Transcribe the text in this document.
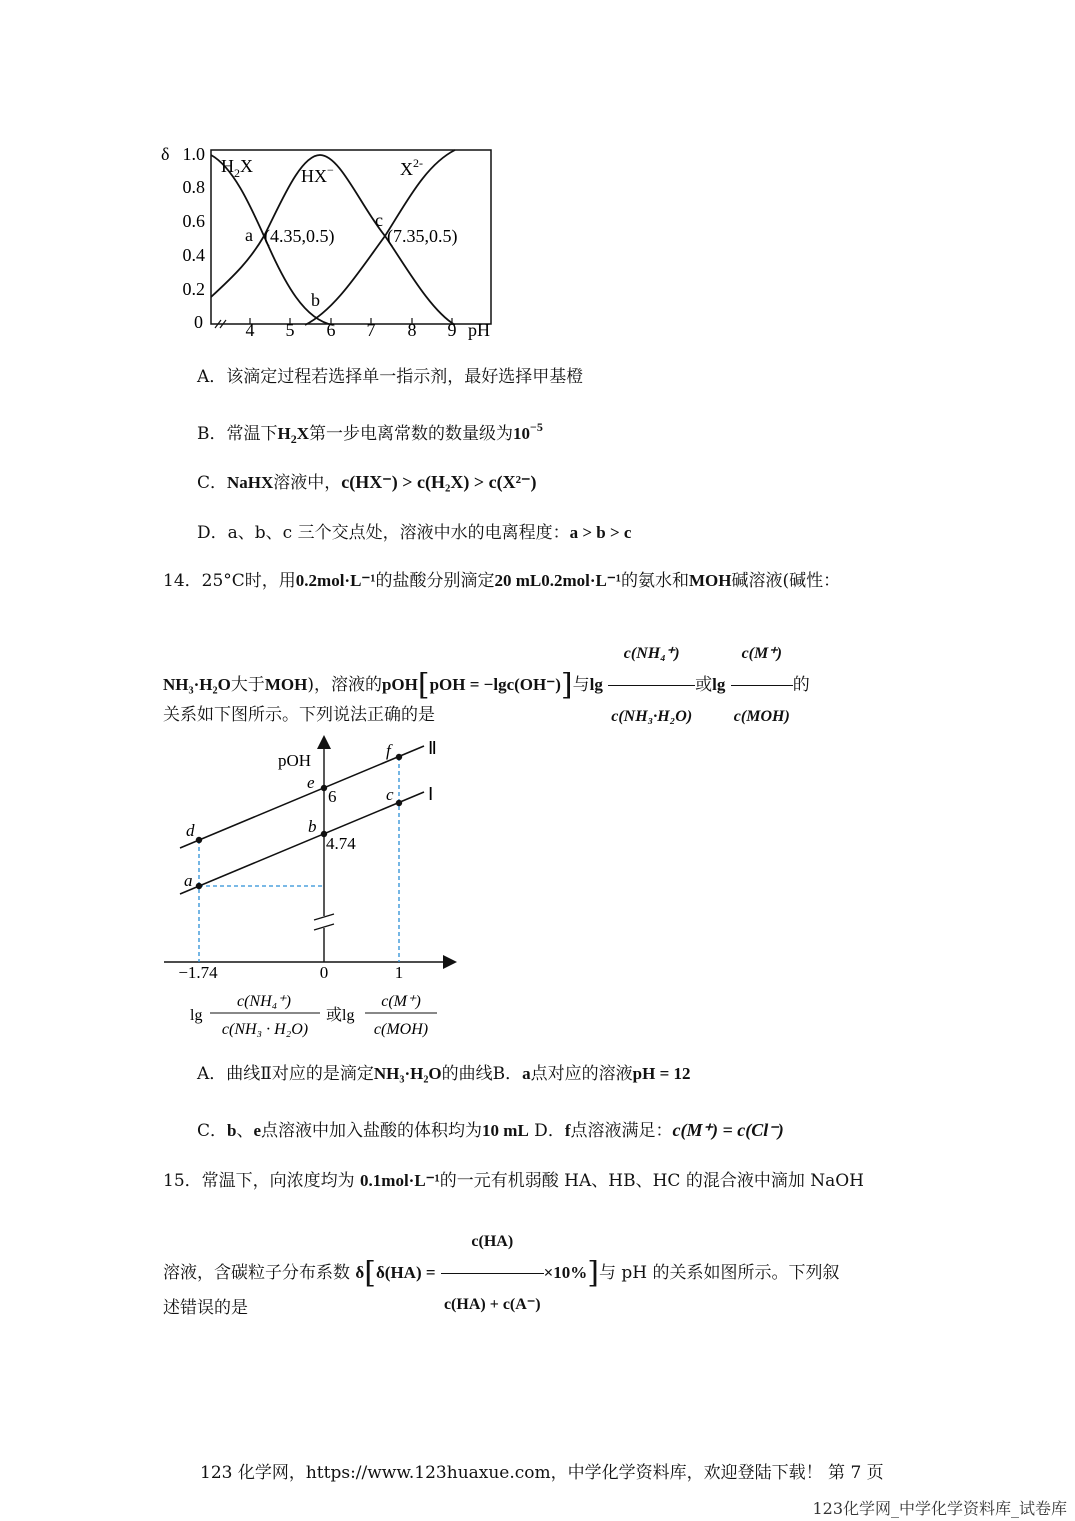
δ 1.0
0.8
0.6
0.4
0.2
0 4 5 6 7 8 9 pH
$H_2X$	HX−	$X^{2-}$
a
b
c
(4.35,0.5)	(7.35,0.5)
A．该滴定过程若选择单一指示剂，最好选择甲基橙
B．常温下$H_2X$第一步电离常数的数量级为$10^{-5}$
C．NaHX溶液中，c(HX⁻) > c(H₂X) > c(X²⁻)
D．a、b、c 三个交点处，溶液中水的电离程度：a > b > c
14．25°C时，用0.2mol·L⁻¹的盐酸分别滴定20 mL0.2mol·L⁻¹的氨水和MOH碱溶液(碱性：
NH₃·H₂O大于MOH)，溶液的pOH[pOH = −lgc(OH⁻)]与$\lg \frac{\text{c(NH₄⁺)}}{\text{c(NH₃·H₂O)}}$ 或$\lg \frac{c(M^+)}{\text{c(MOH)}}$ 的
关系如下图所示。下列说法正确的是
pOH
Ⅱ
Ⅰ
a
b
c
d
e
f
6
4.74
−1.74	0	1
lg
c(NH₄⁺)
c(NH₃ · H₂O)
或lg
c(M⁺)
c(MOH)
A．曲线Ⅱ对应的是滴定NH₃·H₂O的曲线B．a点对应的溶液pH = 12
C．b、e点溶液中加入盐酸的体积均为10 mL D．f点溶液满足：c(M⁺) = c(Cl⁻)
15．常温下，向浓度均为 0.1mol·L⁻¹的一元有机弱酸 HA、HB、HC 的混合液中滴加 NaOH
溶液，含碳粒子分布系数 $\delta[\delta(HA) = \frac{c(HA)}{c(HA) + c(A^-)} \times 10\%]$与 pH 的关系如图所示。下列叙
述错误的是
123 化学网，https://www.123huaxue.com，中学化学资料库，欢迎登陆下载！ 第 7 页
123化学网_中学化学资料库_试卷库
